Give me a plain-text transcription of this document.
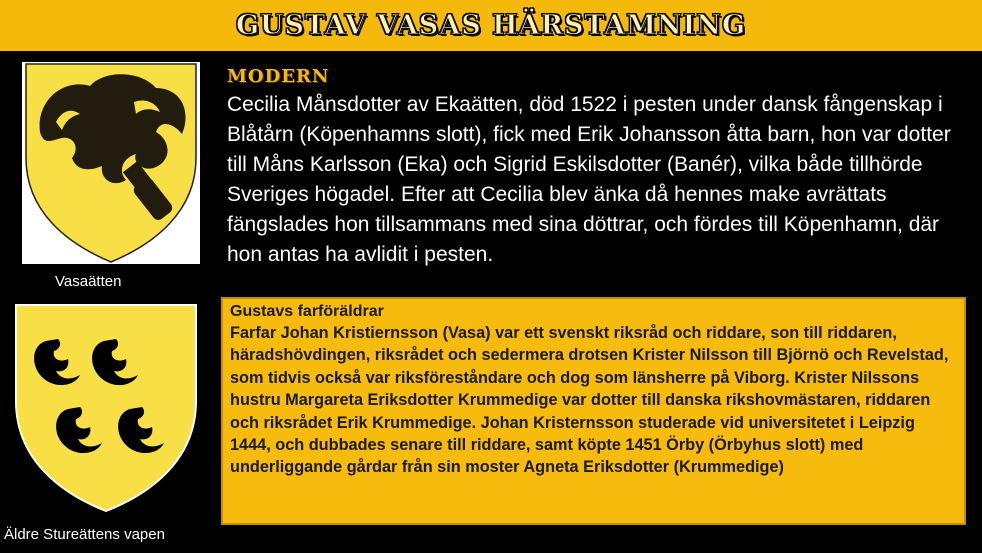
GUSTAV VASAS HÄRSTAMNING
Vasaätten
Äldre Stureättens vapen
MODERN
Cecilia Månsdotter av Ekaätten, död 1522 i pesten under dansk fångenskap i Blåtårn (Köpenhamns slott), fick med Erik Johansson åtta barn, hon var dotter till Måns Karlsson (Eka) och Sigrid Eskilsdotter (Banér), vilka både tillhörde Sveriges högadel. Efter att Cecilia blev änka då hennes make avrättats fängslades hon tillsammans med sina döttrar, och fördes till Köpenhamn, där hon antas ha avlidit i pesten.
Gustavs farföräldrar
Farfar Johan Kristiernsson (Vasa) var ett svenskt riksråd och riddare, son till riddaren, häradshövdingen, riksrådet och sedermera drotsen Krister Nilsson till Björnö och Revelstad, som tidvis också var riksföreståndare och dog som länsherre på Viborg. Krister Nilssons hustru Margareta Eriksdotter Krummedige var dotter till danska rikshovmästaren, riddaren och riksrådet Erik Krummedige. Johan Kristernsson studerade vid universitetet i Leipzig 1444, och dubbades senare till riddare, samt köpte 1451 Örby (Örbyhus slott) med underliggande gårdar från sin moster Agneta Eriksdotter (Krummedige)
